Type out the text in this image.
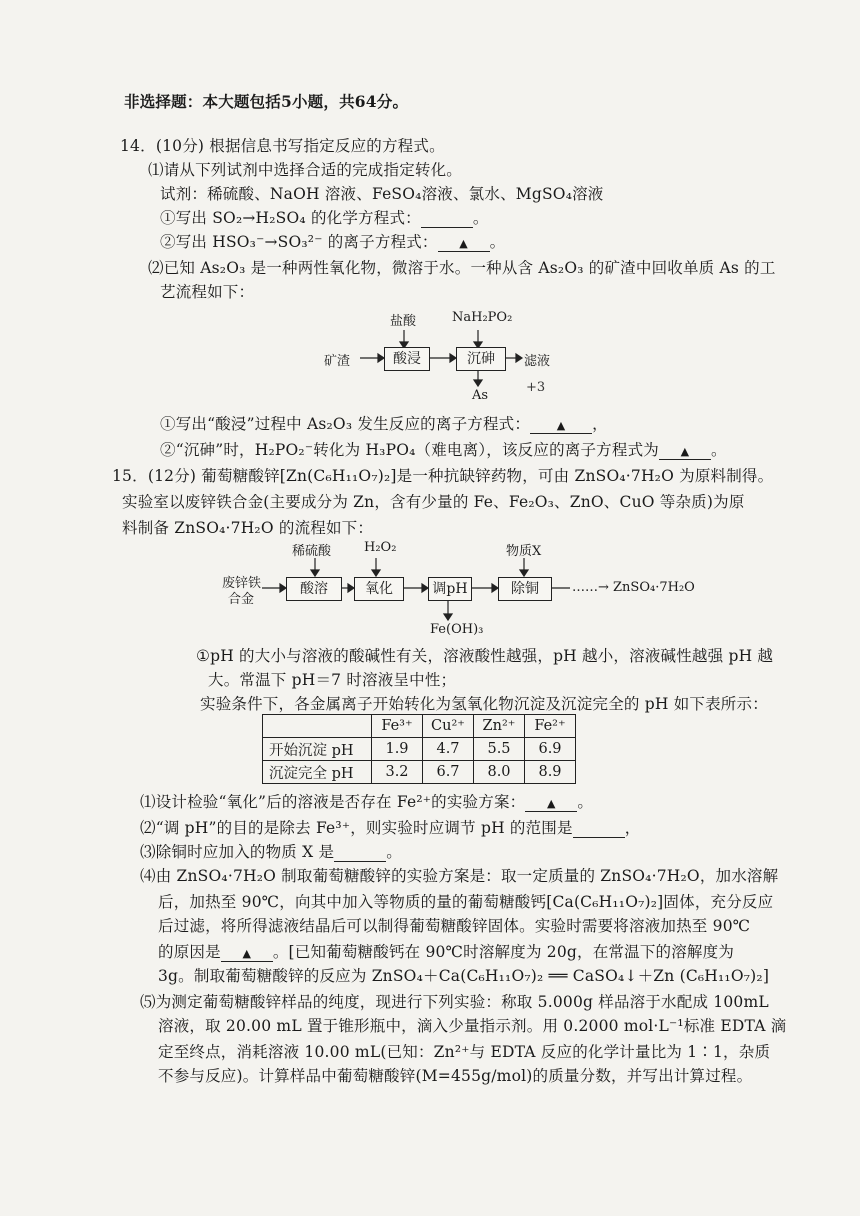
非选择题：本大题包括5小题，共64分。
14．(10分) 根据信息书写指定反应的方程式。
⑴请从下列试剂中选择合适的完成指定转化。
试剂：稀硫酸、NaOH 溶液、FeSO₄溶液、氯水、MgSO₄溶液
①写出 SO₂→H₂SO₄ 的化学方程式：	。
②写出 HSO₃⁻→SO₃²⁻ 的离子方程式： ▲ 。
⑵已知 As₂O₃ 是一种两性氧化物，微溶于水。一种从含 As₂O₃ 的矿渣中回收单质 As 的工
艺流程如下：
盐酸	NaH₂PO₂
矿渣	酸浸	沉砷	滤液
As
+3
①写出“酸浸”过程中 As₂O₃ 发生反应的离子方程式： ▲ ，
②“沉砷”时，H₂PO₂⁻转化为 H₃PO₄（难电离），该反应的离子方程式为 ▲ 。
15．(12分) 葡萄糖酸锌[Zn(C₆H₁₁O₇)₂]是一种抗缺锌药物，可由 ZnSO₄·7H₂O 为原料制得。
实验室以废锌铁合金(主要成分为 Zn，含有少量的 Fe、Fe₂O₃、ZnO、CuO 等杂质)为原
料制备 ZnSO₄·7H₂O 的流程如下：
稀硫酸	H₂O₂	物质X
废锌铁
合金
酸溶	氧化	调pH	除铜	……→ ZnSO₄·7H₂O
Fe(OH)₃
①pH 的大小与溶液的酸碱性有关，溶液酸性越强，pH 越小，溶液碱性越强 pH 越
大。常温下 pH＝7 时溶液呈中性；
实验条件下，各金属离子开始转化为氢氧化物沉淀及沉淀完全的 pH 如下表所示：
	Fe³⁺	Cu²⁺	Zn²⁺	Fe²⁺
开始沉淀 pH	1.9	4.7	5.5	6.9
沉淀完全 pH	3.2	6.7	8.0	8.9
⑴设计检验“氧化”后的溶液是否存在 Fe²⁺的实验方案： ▲ 。
⑵“调 pH”的目的是除去 Fe³⁺，则实验时应调节 pH 的范围是	，
⑶除铜时应加入的物质 X 是	。
⑷由 ZnSO₄·7H₂O 制取葡萄糖酸锌的实验方案是：取一定质量的 ZnSO₄·7H₂O，加水溶解
后，加热至 90℃，向其中加入等物质的量的葡萄糖酸钙[Ca(C₆H₁₁O₇)₂]固体，充分反应
后过滤，将所得滤液结晶后可以制得葡萄糖酸锌固体。实验时需要将溶液加热至 90℃
的原因是 ▲ 。[已知葡萄糖酸钙在 90℃时溶解度为 20g，在常温下的溶解度为
3g。制取葡萄糖酸锌的反应为 ZnSO₄＋Ca(C₆H₁₁O₇)₂ ══ CaSO₄↓＋Zn (C₆H₁₁O₇)₂]
⑸为测定葡萄糖酸锌样品的纯度，现进行下列实验：称取 5.000g 样品溶于水配成 100mL
溶液，取 20.00 mL 置于锥形瓶中，滴入少量指示剂。用 0.2000 mol·L⁻¹标准 EDTA 滴
定至终点，消耗溶液 10.00 mL(已知：Zn²⁺与 EDTA 反应的化学计量比为 1∶1，杂质
不参与反应)。计算样品中葡萄糖酸锌(M=455g/mol)的质量分数，并写出计算过程。
